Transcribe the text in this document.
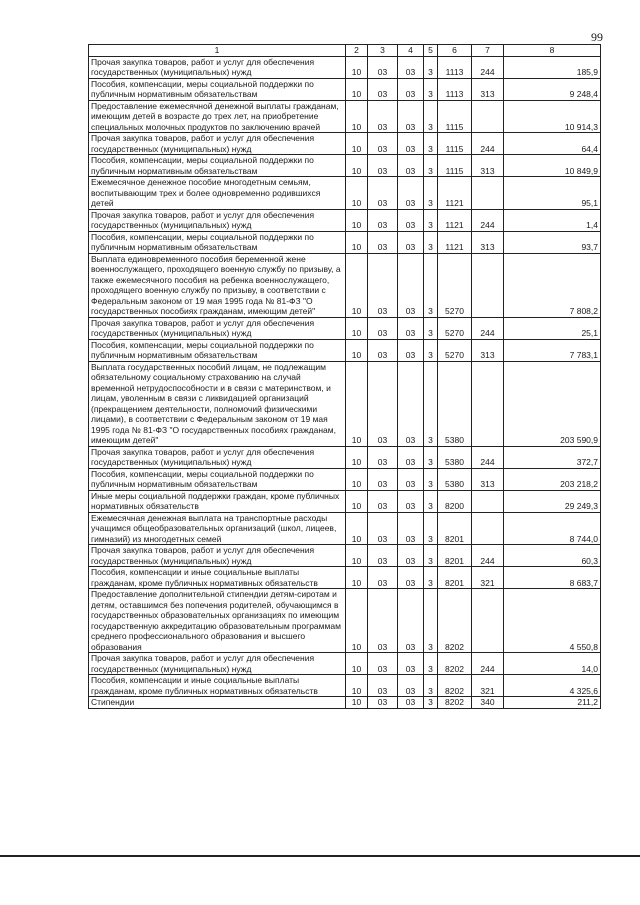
99
1	2	3	4	5	6	7	8
Прочая закупка товаров, работ и услуг для обеспечения государственных (муниципальных) нужд	10	03	03	3	1113	244	185,9
Пособия, компенсации, меры социальной поддержки по публичным нормативным обязательствам	10	03	03	3	1113	313	9 248,4
Предоставление ежемесячной денежной выплаты гражданам, имеющим детей в возрасте до трех лет, на приобретение специальных молочных продуктов по заключению врачей	10	03	03	3	1115		10 914,3
Прочая закупка товаров, работ и услуг для обеспечения государственных (муниципальных) нужд	10	03	03	3	1115	244	64,4
Пособия, компенсации, меры социальной поддержки по публичным нормативным обязательствам	10	03	03	3	1115	313	10 849,9
Ежемесячное денежное пособие многодетным семьям, воспитывающим трех и более одновременно родившихся детей	10	03	03	3	1121		95,1
Прочая закупка товаров, работ и услуг для обеспечения государственных (муниципальных) нужд	10	03	03	3	1121	244	1,4
Пособия, компенсации, меры социальной поддержки по публичным нормативным обязательствам	10	03	03	3	1121	313	93,7
Выплата единовременного пособия беременной жене военнослужащего, проходящего военную службу по призыву, а также ежемесячного пособия на ребенка военнослужащего, проходящего военную службу по призыву, в соответствии с Федеральным законом от 19 мая 1995 года № 81-ФЗ "О государственных пособиях гражданам, имеющим детей"	10	03	03	3	5270		7 808,2
Прочая закупка товаров, работ и услуг для обеспечения государственных (муниципальных) нужд	10	03	03	3	5270	244	25,1
Пособия, компенсации, меры социальной поддержки по публичным нормативным обязательствам	10	03	03	3	5270	313	7 783,1
Выплата государственных пособий лицам, не подлежащим обязательному социальному страхованию на случай временной нетрудоспособности и в связи с материнством, и лицам, уволенным в связи с ликвидацией организаций (прекращением деятельности, полномочий физическими лицами), в соответствии с Федеральным законом от 19 мая 1995 года № 81-ФЗ "О государственных пособиях гражданам, имеющим детей"	10	03	03	3	5380		203 590,9
Прочая закупка товаров, работ и услуг для обеспечения государственных (муниципальных) нужд	10	03	03	3	5380	244	372,7
Пособия, компенсации, меры социальной поддержки по публичным нормативным обязательствам	10	03	03	3	5380	313	203 218,2
Иные меры социальной поддержки граждан, кроме публичных нормативных обязательств	10	03	03	3	8200		29 249,3
Ежемесячная денежная выплата на транспортные расходы учащимся общеобразовательных организаций (школ, лицеев, гимназий) из многодетных семей	10	03	03	3	8201		8 744,0
Прочая закупка товаров, работ и услуг для обеспечения государственных (муниципальных) нужд	10	03	03	3	8201	244	60,3
Пособия, компенсации и иные социальные выплаты гражданам, кроме публичных нормативных обязательств	10	03	03	3	8201	321	8 683,7
Предоставление дополнительной стипендии детям-сиротам и детям, оставшимся без попечения родителей, обучающимся в государственных образовательных организациях по имеющим государственную аккредитацию образовательным программам среднего профессионального образования и высшего образования	10	03	03	3	8202		4 550,8
Прочая закупка товаров, работ и услуг для обеспечения государственных (муниципальных) нужд	10	03	03	3	8202	244	14,0
Пособия, компенсации и иные социальные выплаты гражданам, кроме публичных нормативных обязательств	10	03	03	3	8202	321	4 325,6
Стипендии	10	03	03	3	8202	340	211,2
